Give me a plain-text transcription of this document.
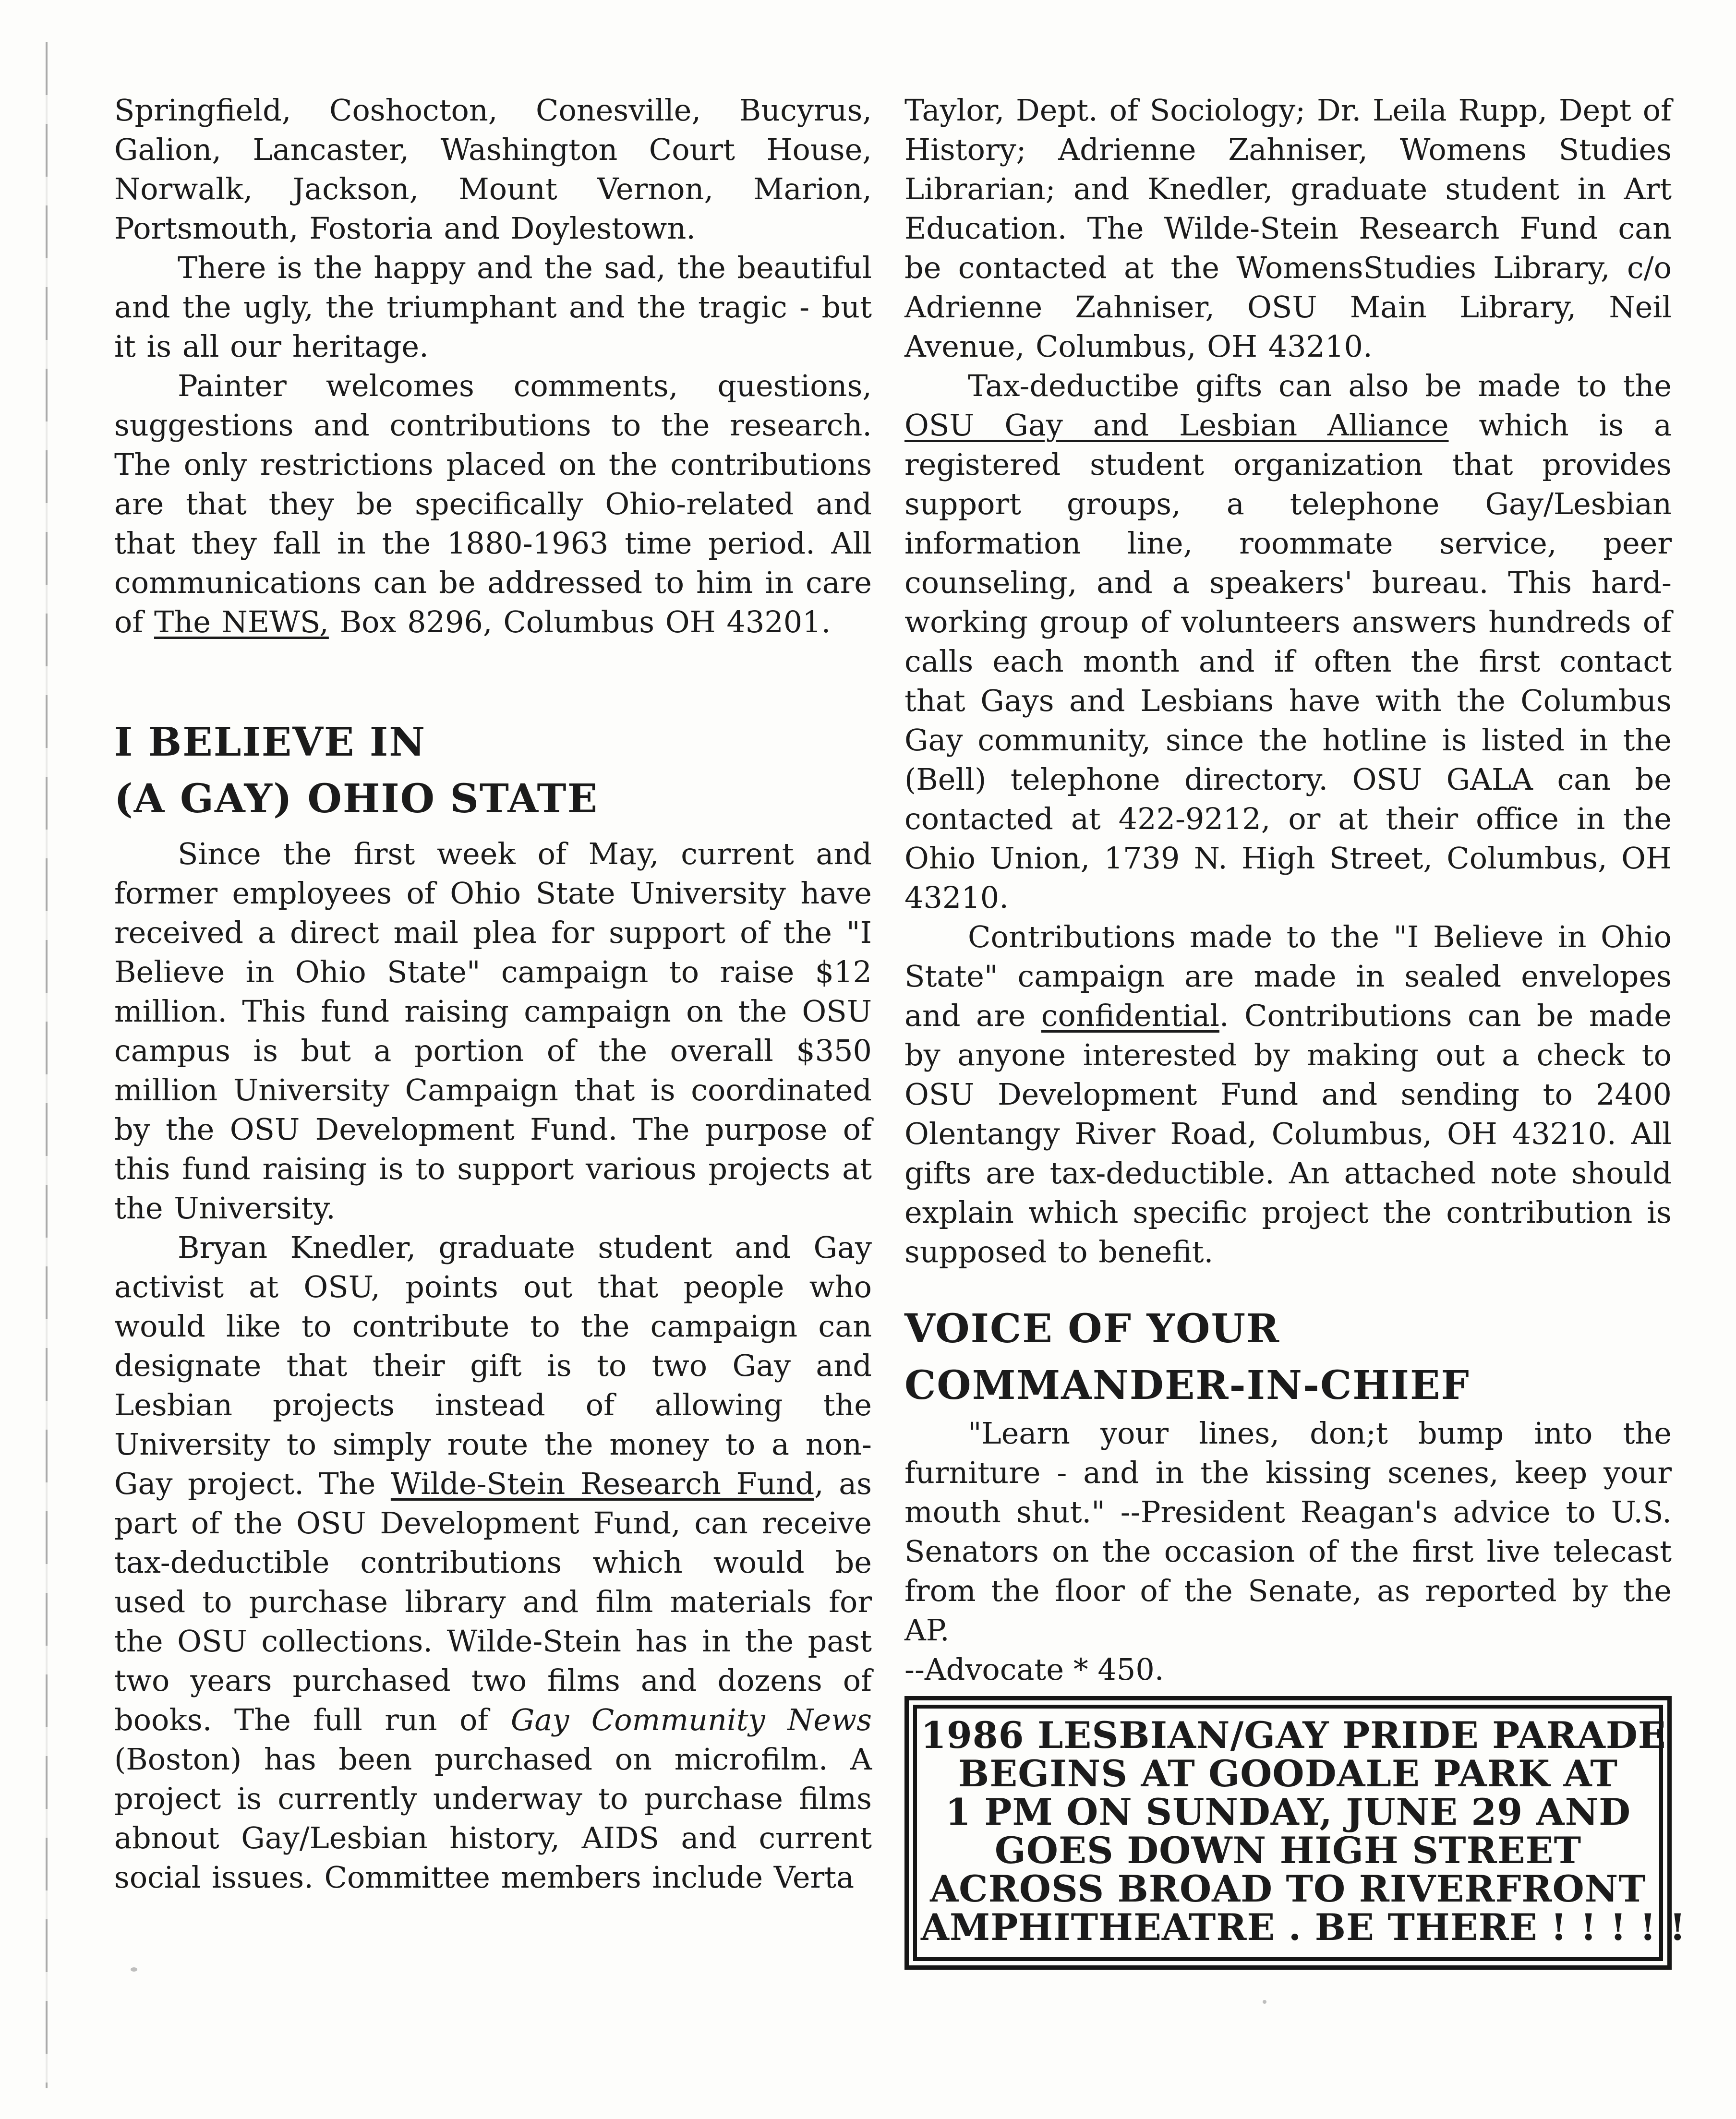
Springfield, Coshocton, Conesville, Bucyrus, Galion, Lancaster, Washington Court House, Norwalk, Jackson, Mount Vernon, Marion, Portsmouth, Fostoria and Doylestown.

There is the happy and the sad, the beautiful and the ugly, the triumphant and the tragic - but it is all our heritage.

Painter welcomes comments, questions, suggestions and contributions to the research. The only restrictions placed on the contributions are that they be specifically Ohio-related and that they fall in the 1880-1963 time period. All communications can be addressed to him in care of The NEWS, Box 8296, Columbus OH 43201.

I BELIEVE IN
(A GAY) OHIO STATE

Since the first week of May, current and former employees of Ohio State University have received a direct mail plea for support of the "I Believe in Ohio State" campaign to raise $12 million. This fund raising campaign on the OSU campus is but a portion of the overall $350 million University Campaign that is coordinated by the OSU Development Fund. The purpose of this fund raising is to support various projects at the University.

Bryan Knedler, graduate student and Gay activist at OSU, points out that people who would like to contribute to the campaign can designate that their gift is to two Gay and Lesbian projects instead of allowing the University to simply route the money to a non-Gay project. The Wilde-Stein Research Fund, as part of the OSU Development Fund, can receive tax-deductible contributions which would be used to purchase library and film materials for the OSU collections. Wilde-Stein has in the past two years purchased two films and dozens of books. The full run of Gay Community News (Boston) has been purchased on microfilm. A project is currently underway to purchase films abnout Gay/Lesbian history, AIDS and current social issues. Committee members include Verta

Taylor, Dept. of Sociology; Dr. Leila Rupp, Dept of History; Adrienne Zahniser, Womens Studies Librarian; and Knedler, graduate student in Art Education. The Wilde-Stein Research Fund can be contacted at the WomensStudies Library, c/o Adrienne Zahniser, OSU Main Library, Neil Avenue, Columbus, OH 43210.

Tax-deductibe gifts can also be made to the OSU Gay and Lesbian Alliance which is a registered student organization that provides support groups, a telephone Gay/Lesbian information line, roommate service, peer counseling, and a speakers' bureau. This hard-working group of volunteers answers hundreds of calls each month and if often the first contact that Gays and Lesbians have with the Columbus Gay community, since the hotline is listed in the (Bell) telephone directory. OSU GALA can be contacted at 422-9212, or at their office in the Ohio Union, 1739 N. High Street, Columbus, OH 43210.

Contributions made to the "I Believe in Ohio State" campaign are made in sealed envelopes and are confidential. Contributions can be made by anyone interested by making out a check to OSU Development Fund and sending to 2400 Olentangy River Road, Columbus, OH 43210. All gifts are tax-deductible. An attached note should explain which specific project the contribution is supposed to benefit.

VOICE OF YOUR
COMMANDER-IN-CHIEF

"Learn your lines, don;t bump into the furniture - and in the kissing scenes, keep your mouth shut." --President Reagan's advice to U.S. Senators on the occasion of the first live telecast from the floor of the Senate, as reported by the AP.

--Advocate * 450.

1986 LESBIAN/GAY PRIDE PARADE
BEGINS AT GOODALE PARK AT
1 PM ON SUNDAY, JUNE 29 AND
GOES DOWN HIGH STREET
ACROSS BROAD TO RIVERFRONT
AMPHITHEATRE . BE THERE ! ! ! ! !
